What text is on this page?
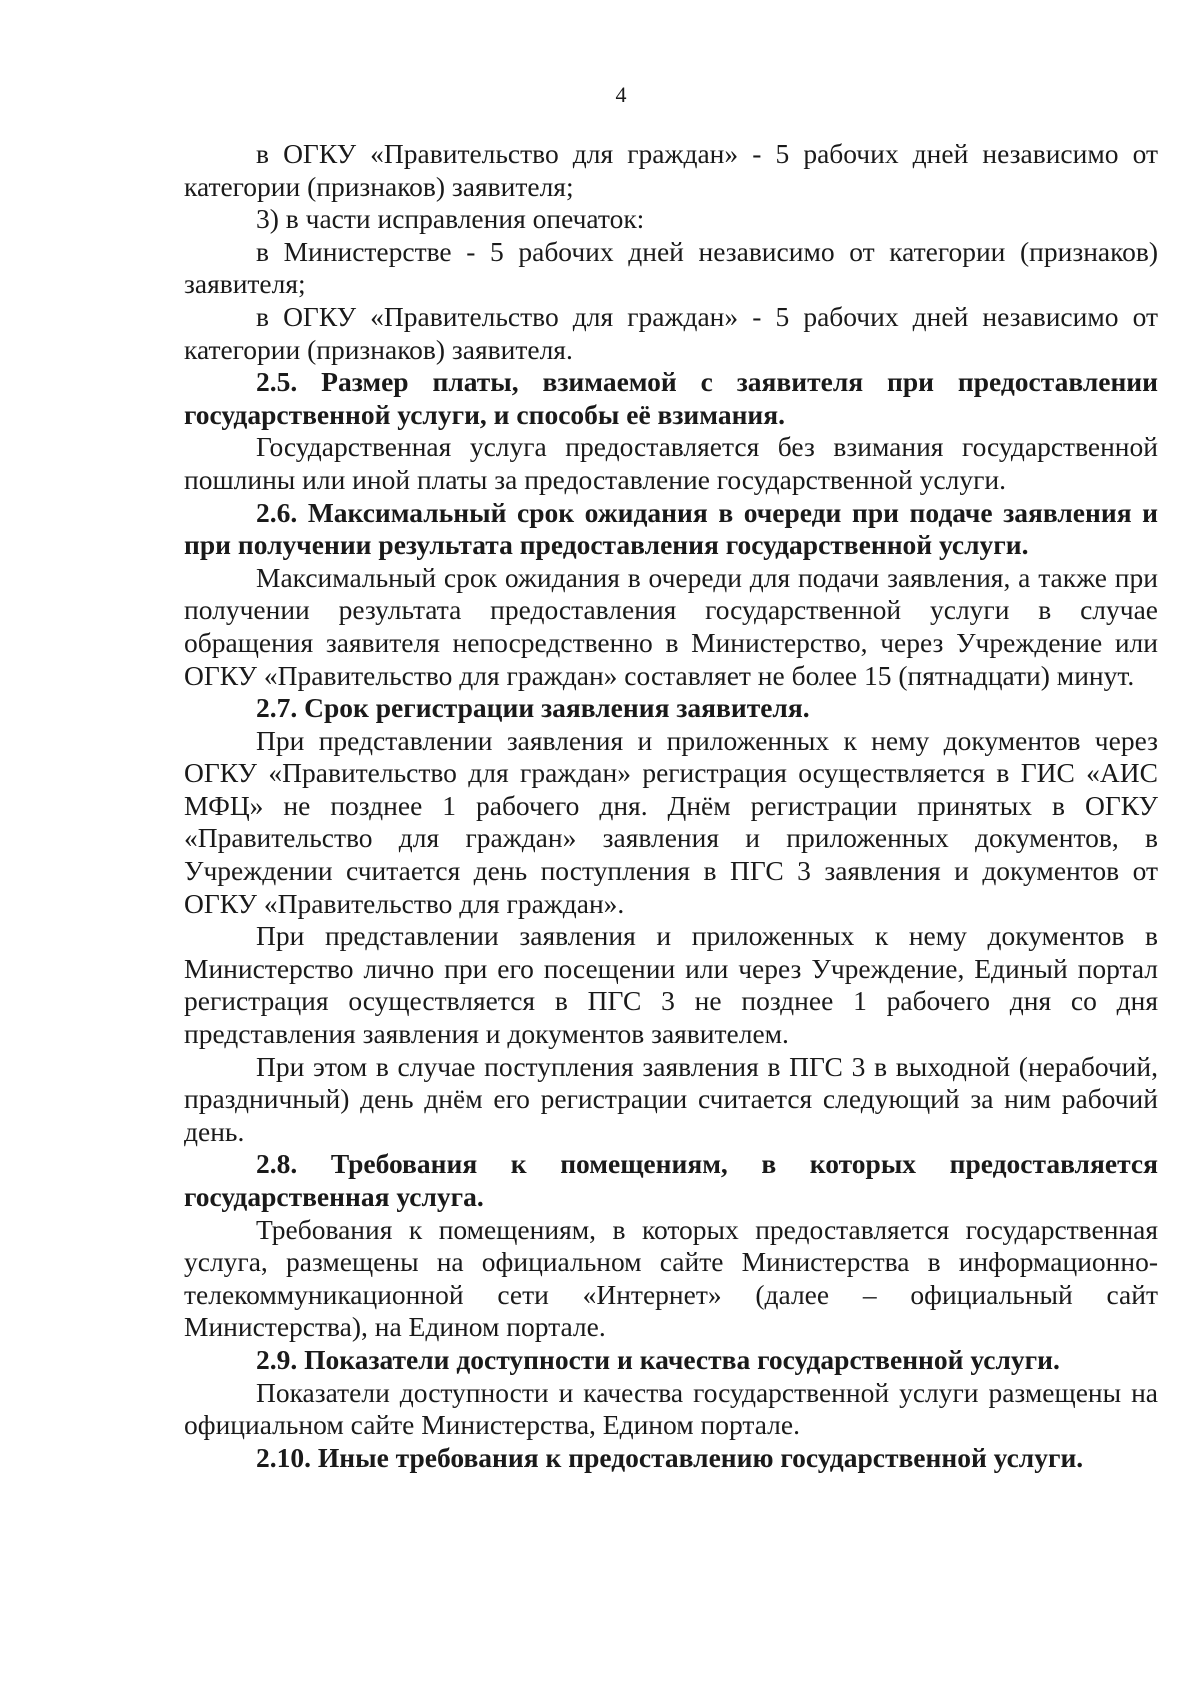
4

в ОГКУ «Правительство для граждан» - 5 рабочих дней независимо от категории (признаков) заявителя;

3) в части исправления опечаток:

в Министерстве - 5 рабочих дней независимо от категории (признаков) заявителя;

в ОГКУ «Правительство для граждан» - 5 рабочих дней независимо от категории (признаков) заявителя.

2.5. Размер платы, взимаемой с заявителя при предоставлении государственной услуги, и способы её взимания.

Государственная услуга предоставляется без взимания государственной пошлины или иной платы за предоставление государственной услуги.

2.6. Максимальный срок ожидания в очереди при подаче заявления и при получении результата предоставления государственной услуги.

Максимальный срок ожидания в очереди для подачи заявления, а также при получении результата предоставления государственной услуги в случае обращения заявителя непосредственно в Министерство, через Учреждение или ОГКУ «Правительство для граждан» составляет не более 15 (пятнадцати) минут.

2.7. Срок регистрации заявления заявителя.

При представлении заявления и приложенных к нему документов через ОГКУ «Правительство для граждан» регистрация осуществляется в ГИС «АИС МФЦ» не позднее 1 рабочего дня. Днём регистрации принятых в ОГКУ «Правительство для граждан» заявления и приложенных документов, в Учреждении считается день поступления в ПГС 3 заявления и документов от ОГКУ «Правительство для граждан».

При представлении заявления и приложенных к нему документов в Министерство лично при его посещении или через Учреждение, Единый портал регистрация осуществляется в ПГС 3 не позднее 1 рабочего дня со дня представления заявления и документов заявителем.

При этом в случае поступления заявления в ПГС 3 в выходной (нерабочий, праздничный) день днём его регистрации считается следующий за ним рабочий день.

2.8. Требования к помещениям, в которых предоставляется государственная услуга.

Требования к помещениям, в которых предоставляется государственная услуга, размещены на официальном сайте Министерства в информационно-телекоммуникационной сети «Интернет» (далее – официальный сайт Министерства), на Едином портале.

2.9. Показатели доступности и качества государственной услуги.

Показатели доступности и качества государственной услуги размещены на официальном сайте Министерства, Едином портале.

2.10. Иные требования к предоставлению государственной услуги.
